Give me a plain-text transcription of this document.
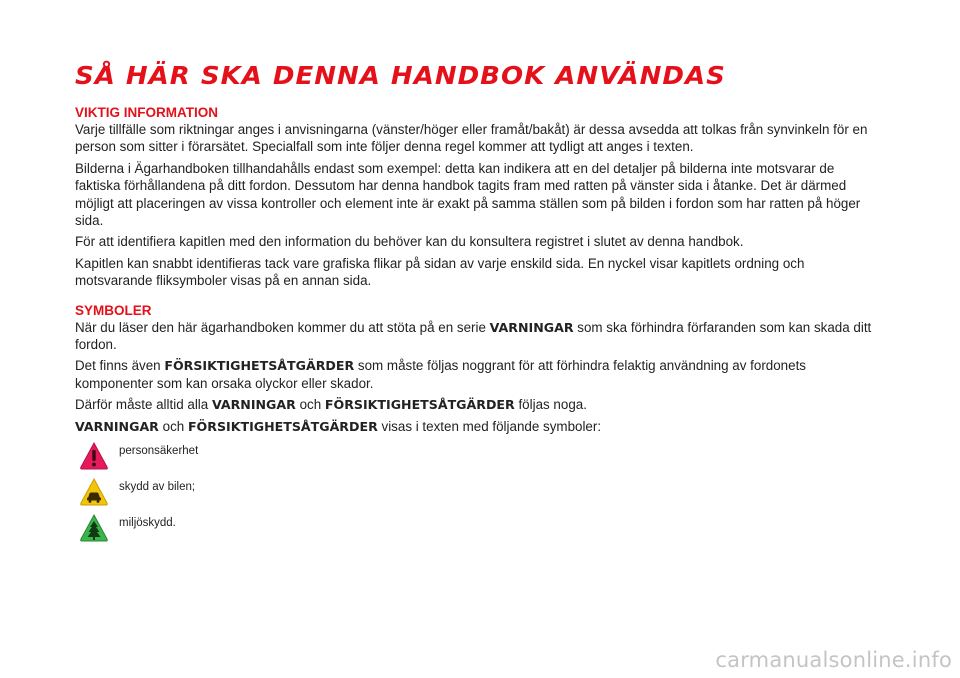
SÅ HÄR SKA DENNA HANDBOK ANVÄNDAS
VIKTIG INFORMATION

Varje tillfälle som riktningar anges i anvisningarna (vänster/höger eller framåt/bakåt) är dessa avsedda att tolkas från synvinkeln för en person som sitter i förarsätet. Specialfall som inte följer denna regel kommer att tydligt att anges i texten.

Bilderna i Ägarhandboken tillhandahålls endast som exempel: detta kan indikera att en del detaljer på bilderna inte motsvarar de faktiska förhållandena på ditt fordon. Dessutom har denna handbok tagits fram med ratten på vänster sida i åtanke. Det är därmed möjligt att placeringen av vissa kontroller och element inte är exakt på samma ställen som på bilden i fordon som har ratten på höger sida.

För att identifiera kapitlen med den information du behöver kan du konsultera registret i slutet av denna handbok.

Kapitlen kan snabbt identifieras tack vare grafiska flikar på sidan av varje enskild sida. En nyckel visar kapitlets ordning och motsvarande fliksymboler visas på en annan sida.

SYMBOLER

När du läser den här ägarhandboken kommer du att stöta på en serie VARNINGAR som ska förhindra förfaranden som kan skada ditt fordon.

Det finns även FÖRSIKTIGHETSÅTGÄRDER som måste följas noggrant för att förhindra felaktig användning av fordonets komponenter som kan orsaka olyckor eller skador.

Därför måste alltid alla VARNINGAR och FÖRSIKTIGHETSÅTGÄRDER följas noga.

VARNINGAR och FÖRSIKTIGHETSÅTGÄRDER visas i texten med följande symboler:

personsäkerhet
skydd av bilen;
miljöskydd.
carmanualsonline.info
